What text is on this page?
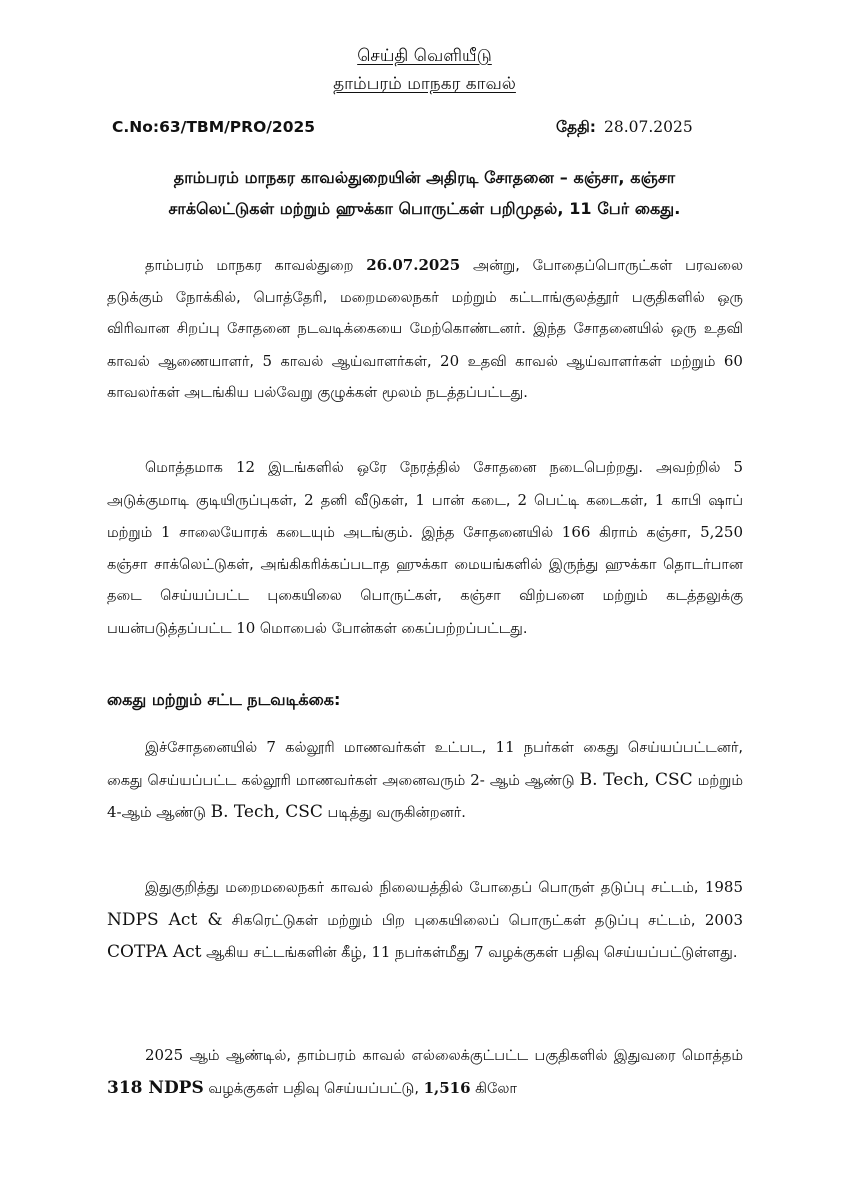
செய்தி வெளியீடு
தாம்பரம் மாநகர காவல்
C.No:63/TBM/PRO/2025	தேதி: 28.07.2025
தாம்பரம் மாநகர காவல்துறையின் அதிரடி சோதனை – கஞ்சா, கஞ்சா
சாக்லெட்டுகள் மற்றும் ஹுக்கா பொருட்கள் பறிமுதல், 11 பேர் கைது.
தாம்பரம் மாநகர காவல்துறை 26.07.2025 அன்று, போதைப்பொருட்கள் பரவலை தடுக்கும் நோக்கில், பொத்தேரி, மறைமலைநகர் மற்றும் கட்டாங்குலத்தூர் பகுதிகளில் ஒரு விரிவான சிறப்பு சோதனை நடவடிக்கையை மேற்கொண்டனர். இந்த சோதனையில் ஒரு உதவி காவல் ஆணையாளர், 5 காவல் ஆய்வாளர்கள், 20 உதவி காவல் ஆய்வாளர்கள் மற்றும் 60 காவலர்கள் அடங்கிய பல்வேறு குழுக்கள் மூலம் நடத்தப்பட்டது.
மொத்தமாக 12 இடங்களில் ஒரே நேரத்தில் சோதனை நடைபெற்றது. அவற்றில் 5 அடுக்குமாடி குடியிருப்புகள், 2 தனி வீடுகள், 1 பான் கடை, 2 பெட்டி கடைகள், 1 காபி ஷாப் மற்றும் 1 சாலையோரக் கடையும் அடங்கும். இந்த சோதனையில் 166 கிராம் கஞ்சா, 5,250 கஞ்சா சாக்லெட்டுகள், அங்கிகரிக்கப்படாத ஹுக்கா மையங்களில் இருந்து ஹுக்கா தொடர்பான தடை செய்யப்பட்ட புகையிலை பொருட்கள், கஞ்சா விற்பனை மற்றும் கடத்தலுக்கு பயன்படுத்தப்பட்ட 10 மொபைல் போன்கள் கைப்பற்றப்பட்டது.
கைது மற்றும் சட்ட நடவடிக்கை:
இச்சோதனையில் 7 கல்லூரி மாணவர்கள் உட்பட, 11 நபர்கள் கைது செய்யப்பட்டனர், கைது செய்யப்பட்ட கல்லூரி மாணவர்கள் அனைவரும் 2- ஆம் ஆண்டு B. Tech, CSC மற்றும் 4-ஆம் ஆண்டு B. Tech, CSC படித்து வருகின்றனர்.
இதுகுறித்து மறைமலைநகர் காவல் நிலையத்தில் போதைப் பொருள் தடுப்பு சட்டம், 1985 NDPS Act & சிகரெட்டுகள் மற்றும் பிற புகையிலைப் பொருட்கள் தடுப்பு சட்டம், 2003 COTPA Act ஆகிய சட்டங்களின் கீழ், 11 நபர்கள்மீது 7 வழக்குகள் பதிவு செய்யப்பட்டுள்ளது.
2025 ஆம் ஆண்டில், தாம்பரம் காவல் எல்லைக்குட்பட்ட பகுதிகளில் இதுவரை மொத்தம் 318 NDPS வழக்குகள் பதிவு செய்யப்பட்டு, 1,516 கிலோ
